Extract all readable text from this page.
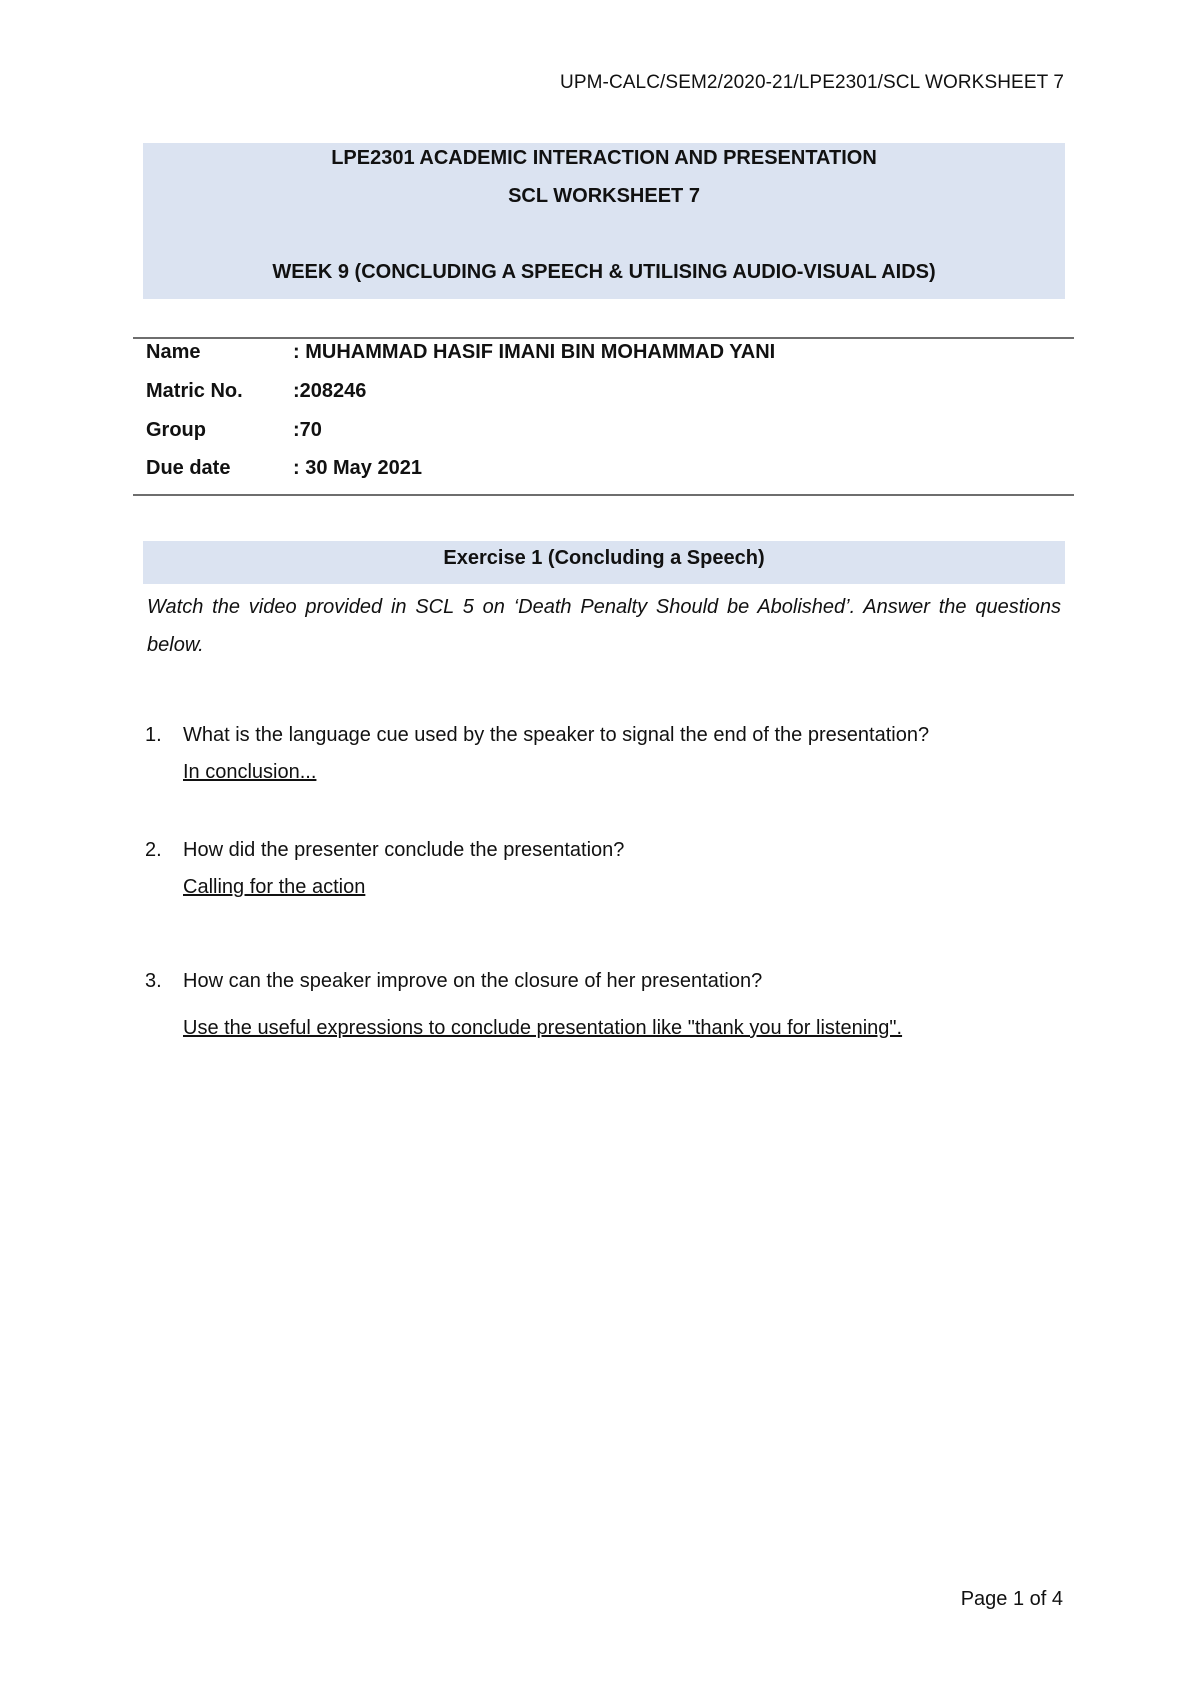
UPM-CALC/SEM2/2020-21/LPE2301/SCL WORKSHEET 7
LPE2301 ACADEMIC INTERACTION AND PRESENTATION
SCL WORKSHEET 7
WEEK 9 (CONCLUDING A SPEECH & UTILISING AUDIO-VISUAL AIDS)
Name	: MUHAMMAD HASIF IMANI BIN MOHAMMAD YANI
Matric No.	:208246
Group	:70
Due date	: 30 May 2021
Exercise 1 (Concluding a Speech)
Watch the video provided in SCL 5 on ‘Death Penalty Should be Abolished’. Answer the questions below.
1. What is the language cue used by the speaker to signal the end of the presentation?
In conclusion...
2. How did the presenter conclude the presentation?
Calling for the action
3. How can the speaker improve on the closure of her presentation?
Use the useful expressions to conclude presentation like "thank you for listening".
Page 1 of 4
